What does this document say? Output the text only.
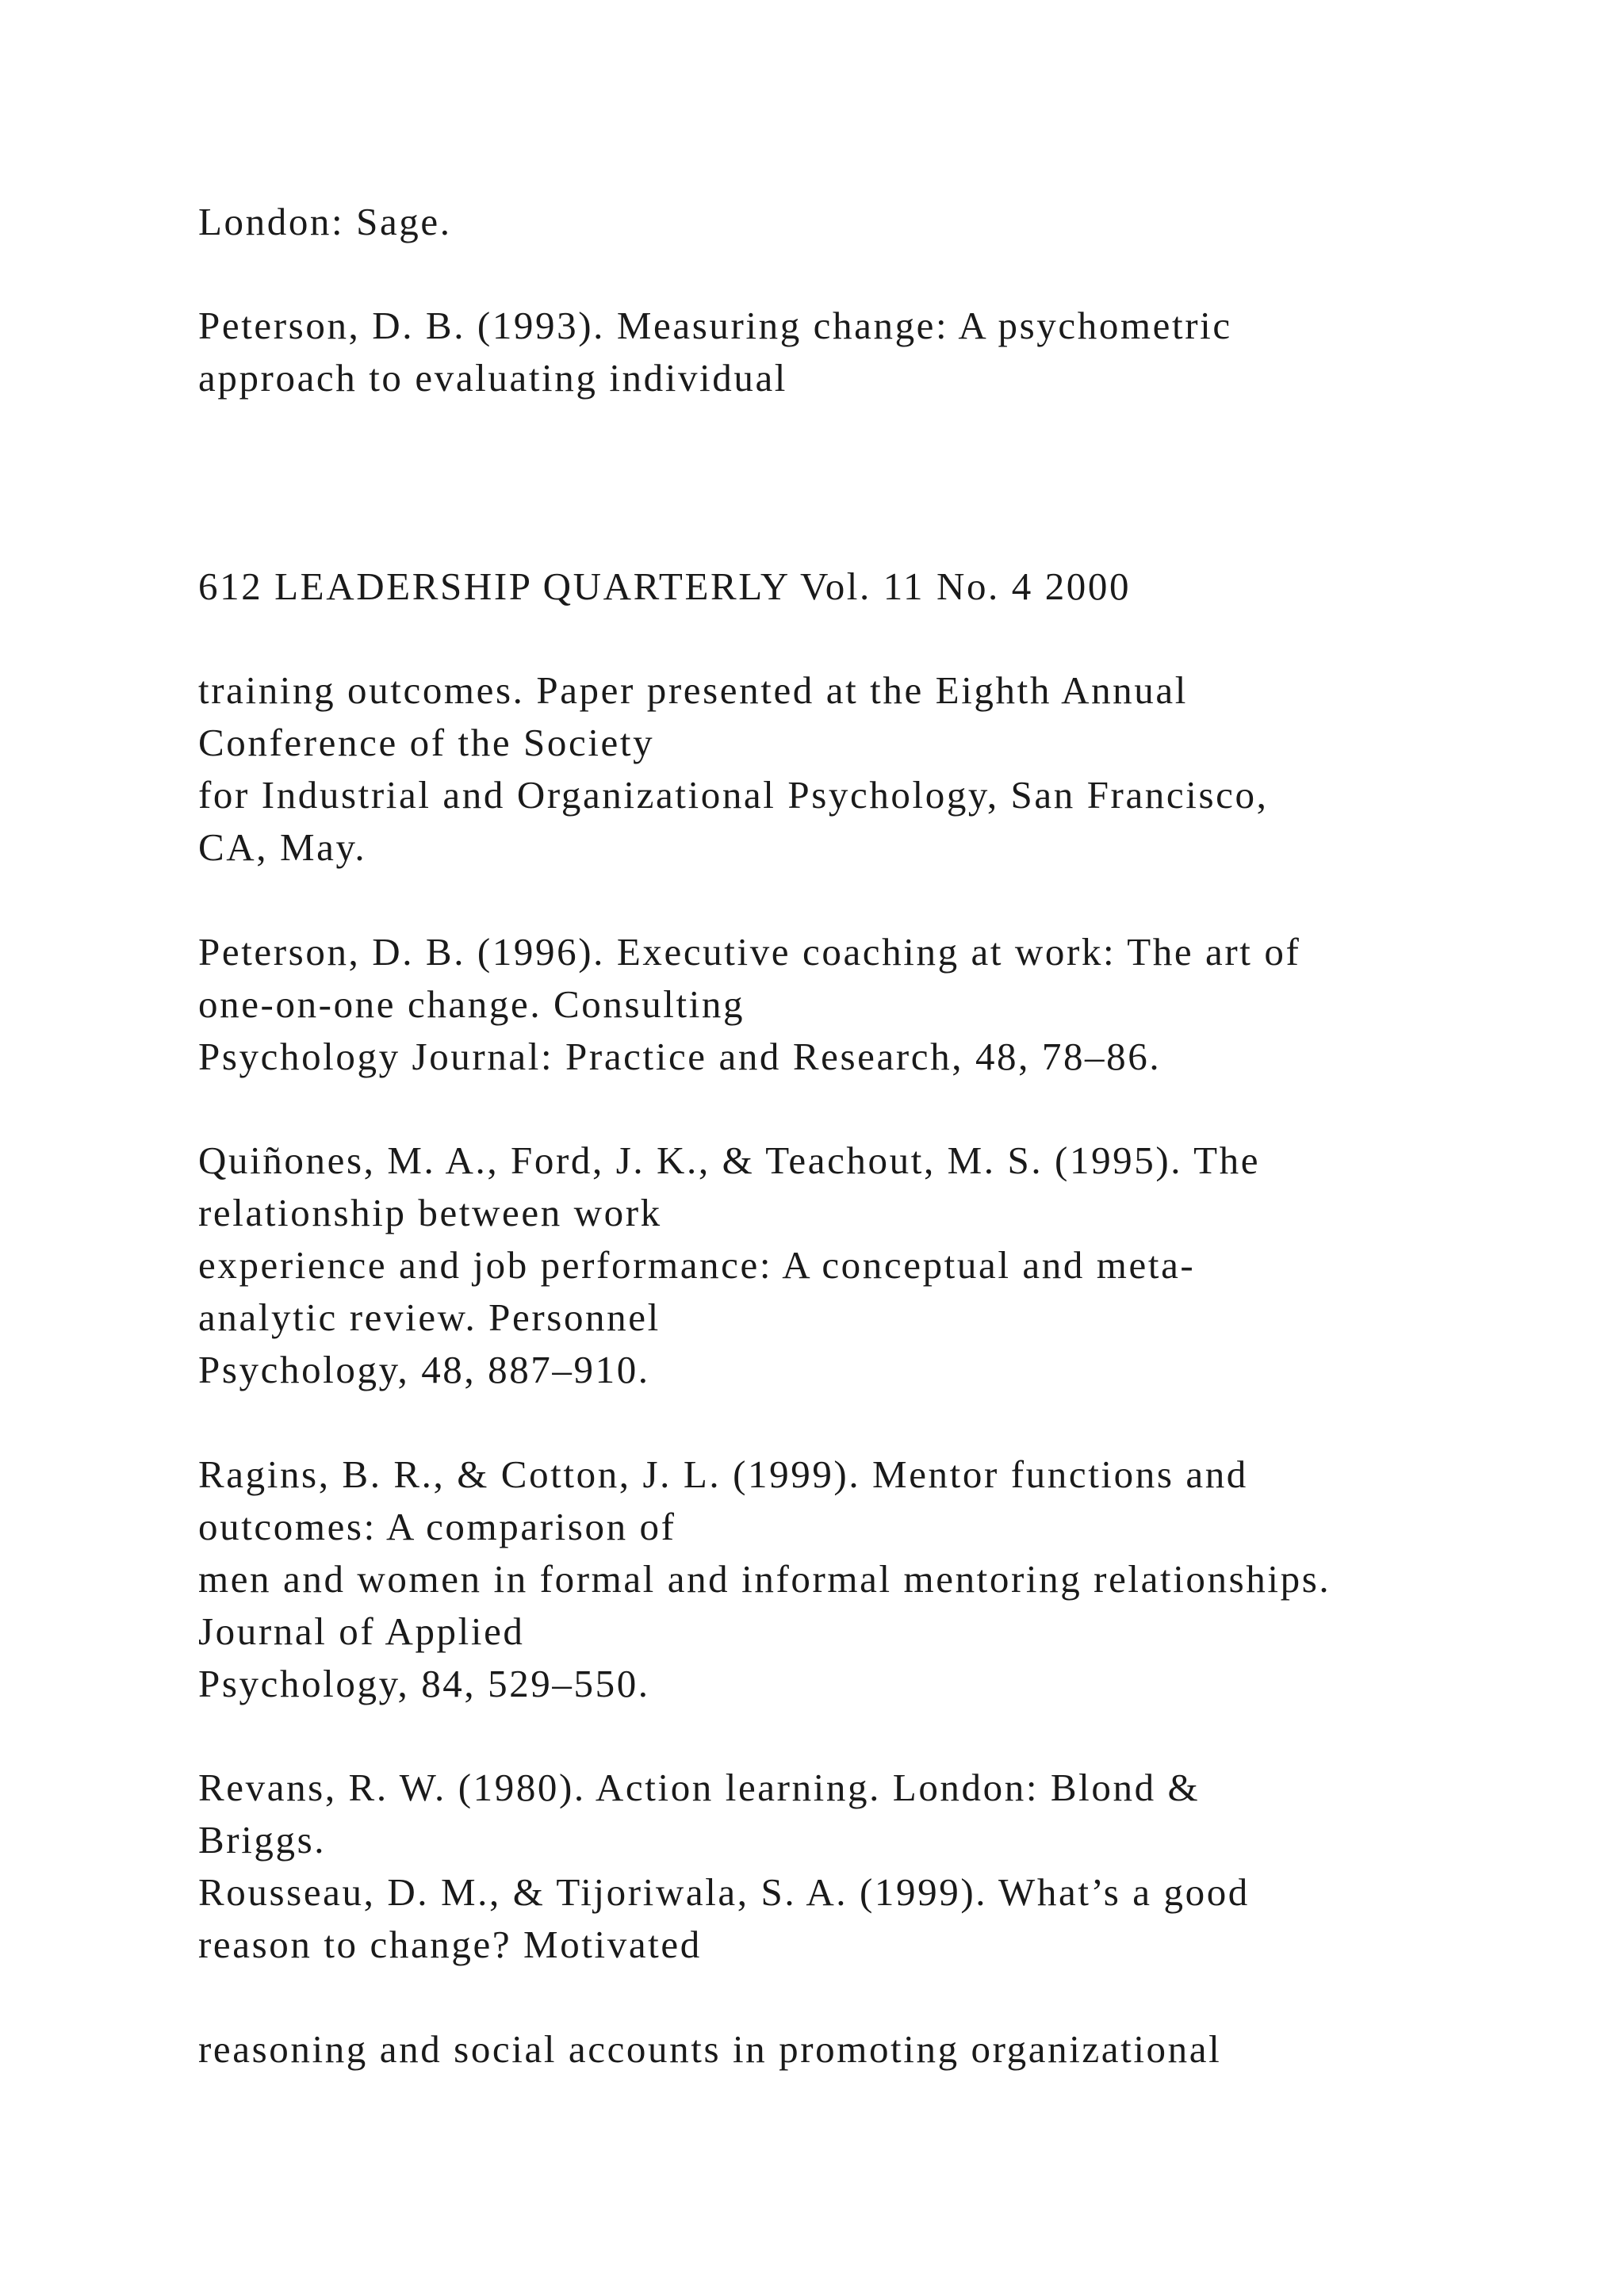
London: Sage.
Peterson, D. B. (1993). Measuring change: A psychometric
approach to evaluating individual
612 LEADERSHIP QUARTERLY Vol. 11 No. 4 2000
training outcomes. Paper presented at the Eighth Annual
Conference of the Society
for Industrial and Organizational Psychology, San Francisco,
CA, May.
Peterson, D. B. (1996). Executive coaching at work: The art of
one-on-one change. Consulting
Psychology Journal: Practice and Research, 48, 78–86.
Quiñones, M. A., Ford, J. K., & Teachout, M. S. (1995). The
relationship between work
experience and job performance: A conceptual and meta-
analytic review. Personnel
Psychology, 48, 887–910.
Ragins, B. R., & Cotton, J. L. (1999). Mentor functions and
outcomes: A comparison of
men and women in formal and informal mentoring relationships.
Journal of Applied
Psychology, 84, 529–550.
Revans, R. W. (1980). Action learning. London: Blond &
Briggs.
Rousseau, D. M., & Tijoriwala, S. A. (1999). What’s a good
reason to change? Motivated
reasoning and social accounts in promoting organizational
